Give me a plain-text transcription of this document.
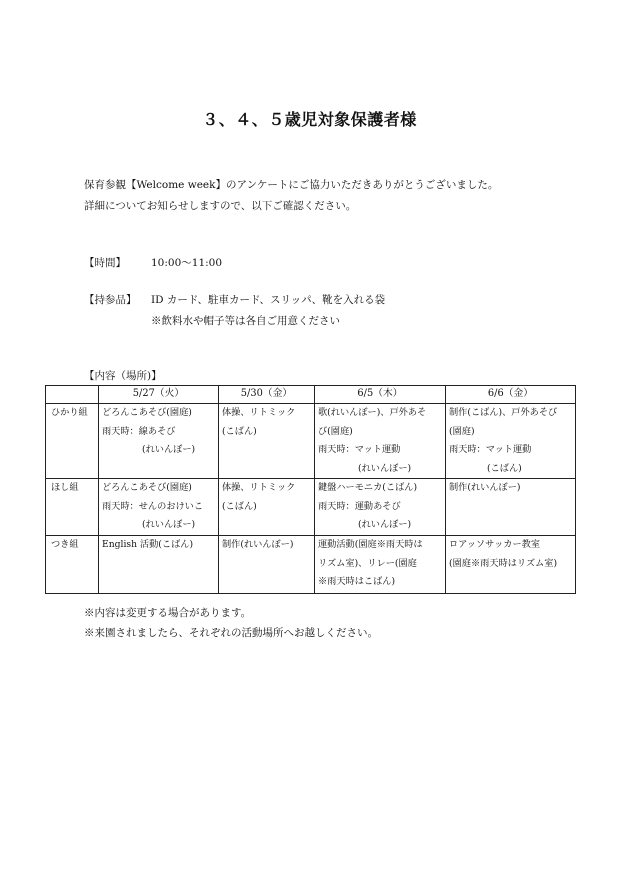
３、４、５歳児対象保護者様

保育参観【Welcome week】のアンケートにご協力いただきありがとうございました。

詳細についてお知らせしますので、以下ご確認ください。

【時間】 10:00～11:00

【持参品】 ID カード、駐車カード、スリッパ、靴を入れる袋

※飲料水や帽子等は各自ご用意ください

【内容（場所)】

	5/27（火）	5/30（金）	6/5（木）	6/6（金）
ひかり組	どろんこあそび(園庭)
雨天時：線あそび
(れいんぼー)	体操、リトミック
(こばん)	歌(れいんぼー)、戸外あそ
び(園庭)
雨天時：マット運動
(れいんぼー)	制作(こばん)、戸外あそび
(園庭)
雨天時：マット運動
(こばん)

ほし組	どろんこあそび(園庭)
雨天時：せんのおけいこ
(れいんぼー)	体操、リトミック
(こばん)	鍵盤ハーモニカ(こばん)
雨天時：運動あそび
(れいんぼー)	制作(れいんぼー)

つき組	English 活動(こばん)	制作(れいんぼー)	運動活動(園庭※雨天時は
リズム室)、リレー(園庭
※雨天時はこばん)	ロアッソサッカー教室
(園庭※雨天時はリズム室)

※内容は変更する場合があります。

※来園されましたら、それぞれの活動場所へお越しください。
